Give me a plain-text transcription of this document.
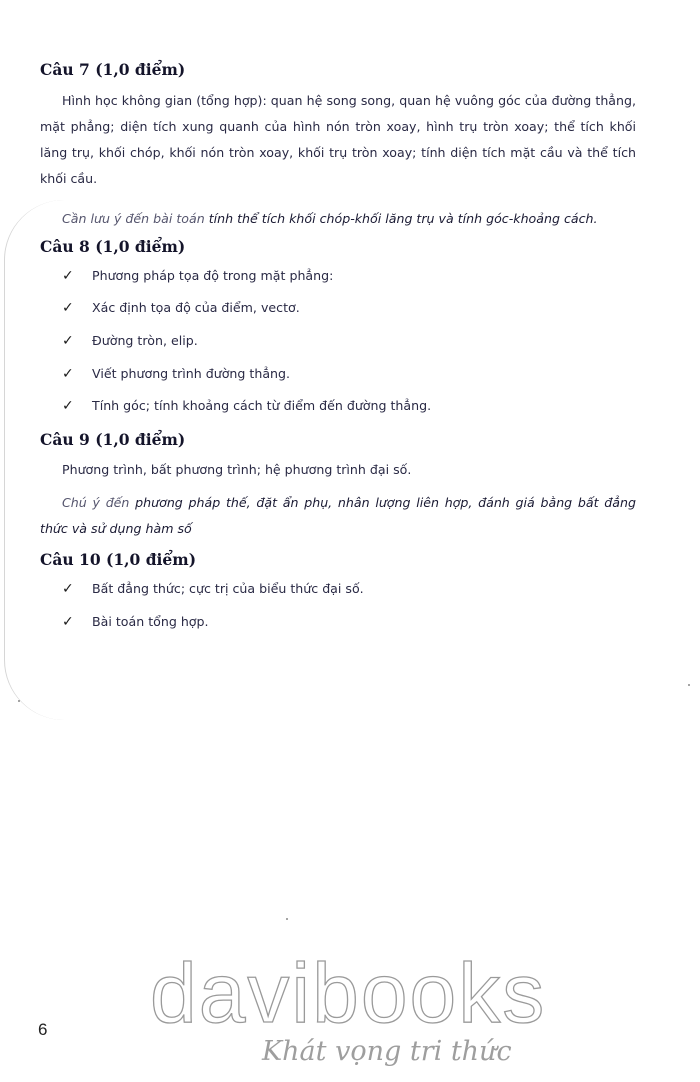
Câu 7 (1,0 điểm)

Hình học không gian (tổng hợp): quan hệ song song, quan hệ vuông góc của đường thẳng, mặt phẳng; diện tích xung quanh của hình nón tròn xoay, hình trụ tròn xoay; thể tích khối lăng trụ, khối chóp, khối nón tròn xoay, khối trụ tròn xoay; tính diện tích mặt cầu và thể tích khối cầu.

Cần lưu ý đến bài toán tính thể tích khối chóp-khối lăng trụ và tính góc-khoảng cách.

Câu 8 (1,0 điểm)
✓ Phương pháp tọa độ trong mặt phẳng:
✓ Xác định tọa độ của điểm, vectơ.
✓ Đường tròn, elip.
✓ Viết phương trình đường thẳng.
✓ Tính góc; tính khoảng cách từ điểm đến đường thẳng.
Câu 9 (1,0 điểm)

Phương trình, bất phương trình; hệ phương trình đại số.

Chú ý đến phương pháp thế, đặt ẩn phụ, nhân lượng liên hợp, đánh giá bằng bất đẳng thức và sử dụng hàm số

Câu 10 (1,0 điểm)
✓ Bất đẳng thức; cực trị của biểu thức đại số.
✓ Bài toán tổng hợp.
6 davibooks
Khát vọng tri thức
